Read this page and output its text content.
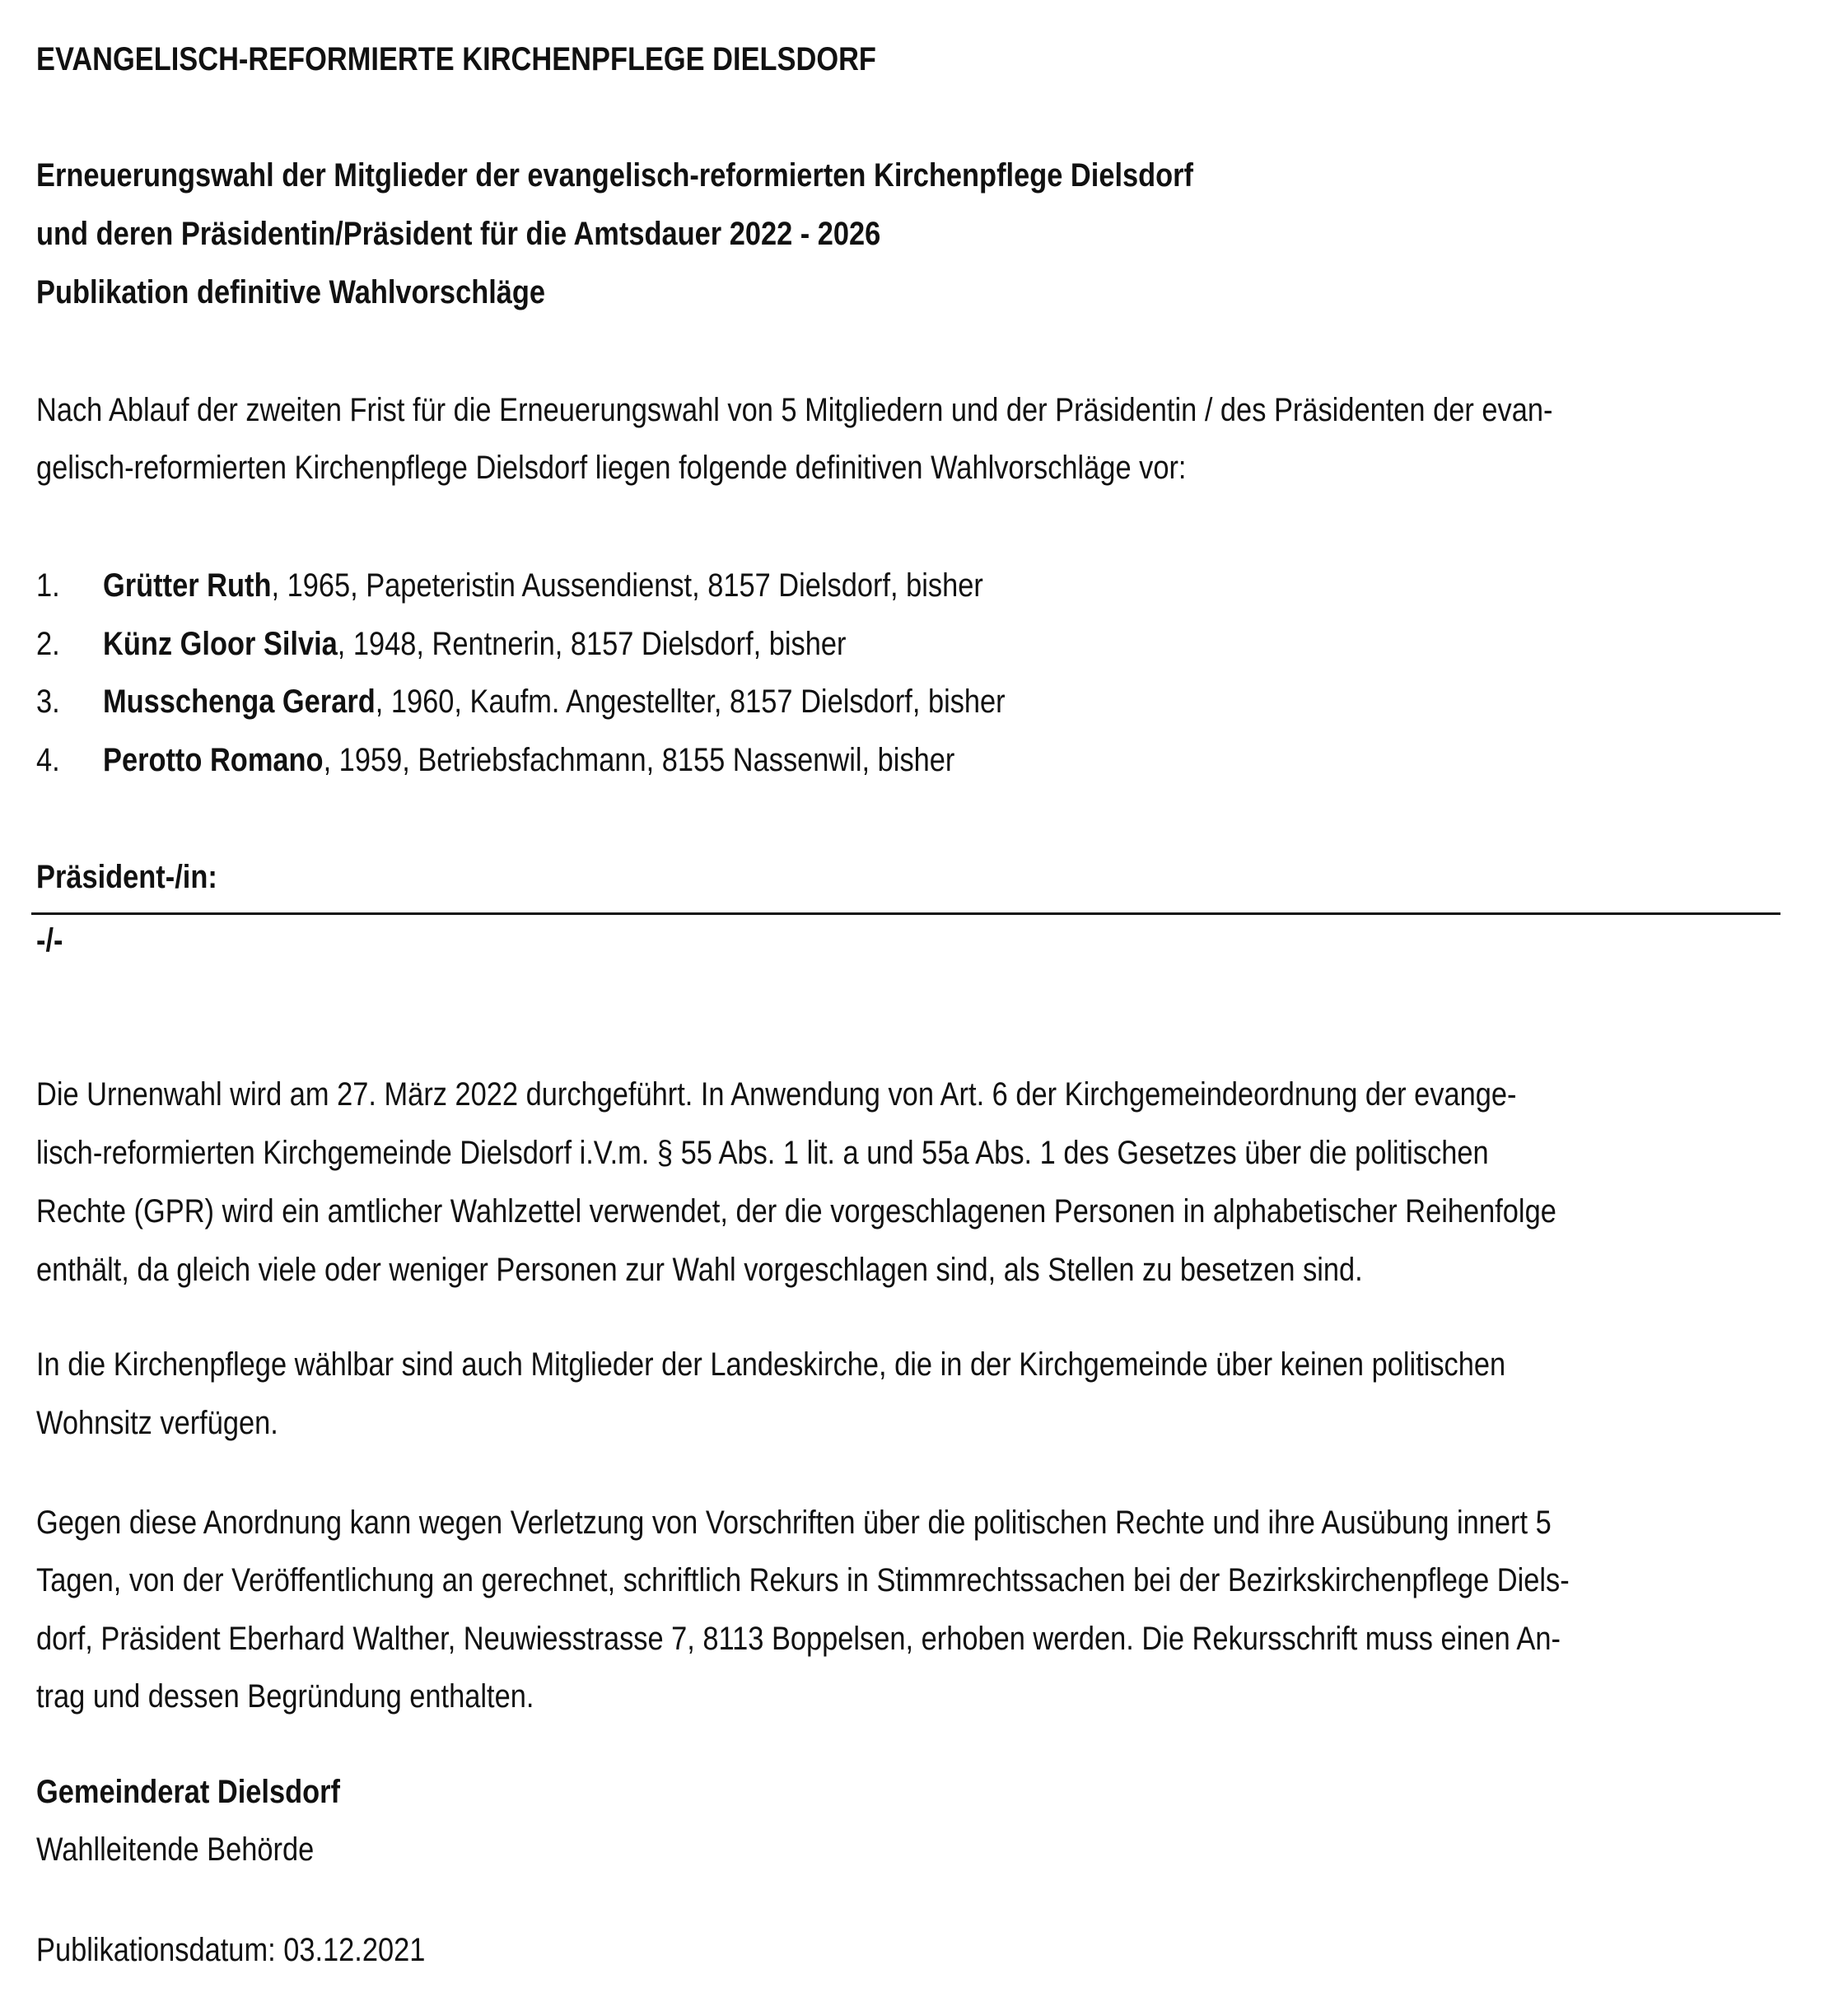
EVANGELISCH-REFORMIERTE KIRCHENPFLEGE DIELSDORF
Erneuerungswahl der Mitglieder der evangelisch-reformierten Kirchenpflege Dielsdorf
und deren Präsidentin/Präsident für die Amtsdauer 2022 - 2026
Publikation definitive Wahlvorschläge
Nach Ablauf der zweiten Frist für die Erneuerungswahl von 5 Mitgliedern und der Präsidentin / des Präsidenten der evan-
gelisch-reformierten Kirchenpflege Dielsdorf liegen folgende definitiven Wahlvorschläge vor:
1. Grütter Ruth, 1965, Papeteristin Aussendienst, 8157 Dielsdorf, bisher
2. Künz Gloor Silvia, 1948, Rentnerin, 8157 Dielsdorf, bisher
3. Musschenga Gerard, 1960, Kaufm. Angestellter, 8157 Dielsdorf, bisher
4. Perotto Romano, 1959, Betriebsfachmann, 8155 Nassenwil, bisher
Präsident-/in:
-/-
Die Urnenwahl wird am 27. März 2022 durchgeführt. In Anwendung von Art. 6 der Kirchgemeindeordnung der evange-
lisch-reformierten Kirchgemeinde Dielsdorf i.V.m. § 55 Abs. 1 lit. a und 55a Abs. 1 des Gesetzes über die politischen
Rechte (GPR) wird ein amtlicher Wahlzettel verwendet, der die vorgeschlagenen Personen in alphabetischer Reihenfolge
enthält, da gleich viele oder weniger Personen zur Wahl vorgeschlagen sind, als Stellen zu besetzen sind.
In die Kirchenpflege wählbar sind auch Mitglieder der Landeskirche, die in der Kirchgemeinde über keinen politischen
Wohnsitz verfügen.
Gegen diese Anordnung kann wegen Verletzung von Vorschriften über die politischen Rechte und ihre Ausübung innert 5
Tagen, von der Veröffentlichung an gerechnet, schriftlich Rekurs in Stimmrechtssachen bei der Bezirkskirchenpflege Diels-
dorf, Präsident Eberhard Walther, Neuwiesstrasse 7, 8113 Boppelsen, erhoben werden. Die Rekursschrift muss einen An-
trag und dessen Begründung enthalten.
Gemeinderat Dielsdorf
Wahlleitende Behörde
Publikationsdatum: 03.12.2021
